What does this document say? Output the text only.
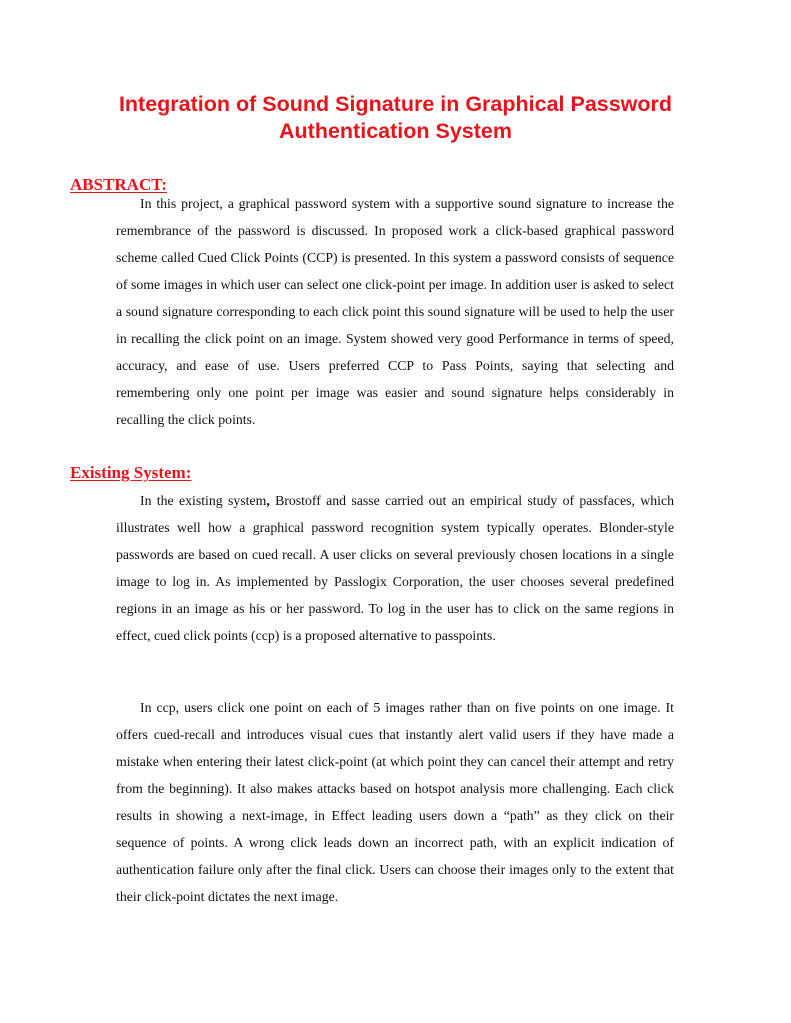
Integration of Sound Signature in Graphical Password Authentication System
ABSTRACT:

In this project, a graphical password system with a supportive sound signature to increase the remembrance of the password is discussed. In proposed work a click-based graphical password scheme called Cued Click Points (CCP) is presented. In this system a password consists of sequence of some images in which user can select one click-point per image. In addition user is asked to select a sound signature corresponding to each click point this sound signature will be used to help the user in recalling the click point on an image. System showed very good Performance in terms of speed, accuracy, and ease of use. Users preferred CCP to Pass Points, saying that selecting and remembering only one point per image was easier and sound signature helps considerably in recalling the click points.

Existing System:

In the existing system, Brostoff and sasse carried out an empirical study of passfaces, which illustrates well how a graphical password recognition system typically operates. Blonder-style passwords are based on cued recall. A user clicks on several previously chosen locations in a single image to log in. As implemented by Passlogix Corporation, the user chooses several predefined regions in an image as his or her password. To log in the user has to click on the same regions in effect, cued click points (ccp) is a proposed alternative to passpoints.

In ccp, users click one point on each of 5 images rather than on five points on one image. It offers cued-recall and introduces visual cues that instantly alert valid users if they have made a mistake when entering their latest click-point (at which point they can cancel their attempt and retry from the beginning). It also makes attacks based on hotspot analysis more challenging. Each click results in showing a next-image, in Effect leading users down a “path” as they click on their sequence of points. A wrong click leads down an incorrect path, with an explicit indication of authentication failure only after the final click. Users can choose their images only to the extent that their click-point dictates the next image.
